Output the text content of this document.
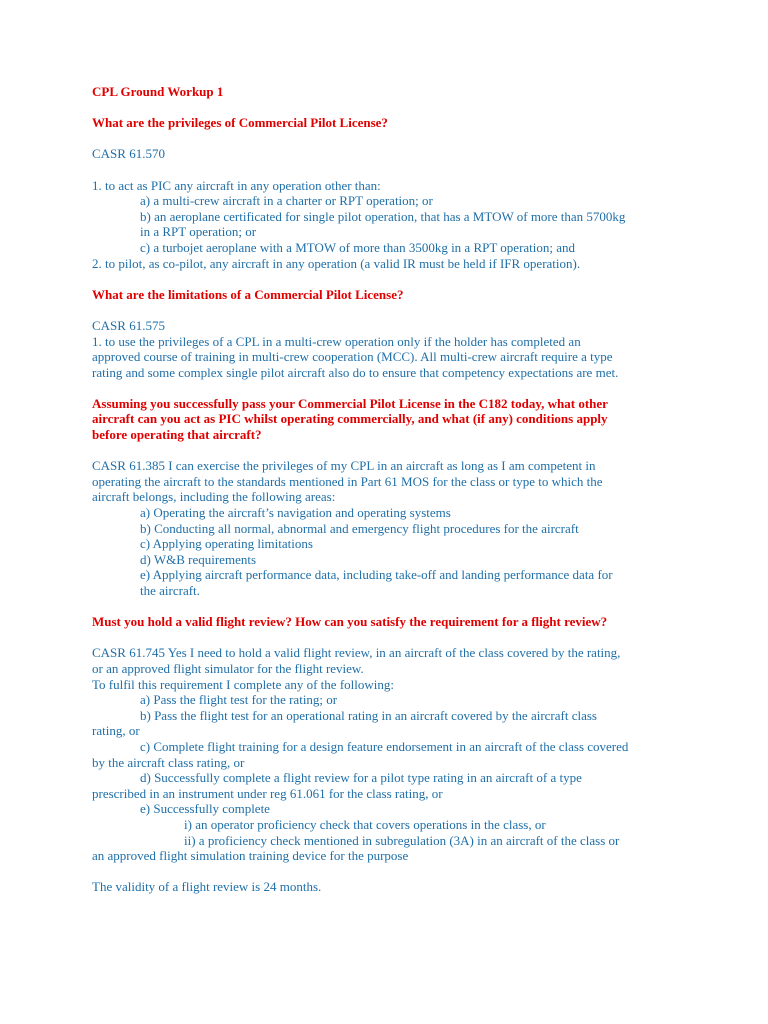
CPL Ground Workup 1
What are the privileges of Commercial Pilot License?
CASR 61.570
1. to act as PIC any aircraft in any operation other than:
a) a multi-crew aircraft in a charter or RPT operation; or
b) an aeroplane certificated for single pilot operation, that has a MTOW of more than 5700kg
in a RPT operation; or
c) a turbojet aeroplane with a MTOW of more than 3500kg in a RPT operation; and
2. to pilot, as co-pilot, any aircraft in any operation (a valid IR must be held if IFR operation).
What are the limitations of a Commercial Pilot License?
CASR 61.575
1. to use the privileges of a CPL in a multi-crew operation only if the holder has completed an
approved course of training in multi-crew cooperation (MCC). All multi-crew aircraft require a type
rating and some complex single pilot aircraft also do to ensure that competency expectations are met.
Assuming you successfully pass your Commercial Pilot License in the C182 today, what other
aircraft can you act as PIC whilst operating commercially, and what (if any) conditions apply
before operating that aircraft?
CASR 61.385 I can exercise the privileges of my CPL in an aircraft as long as I am competent in
operating the aircraft to the standards mentioned in Part 61 MOS for the class or type to which the
aircraft belongs, including the following areas:
a) Operating the aircraft’s navigation and operating systems
b) Conducting all normal, abnormal and emergency flight procedures for the aircraft
c) Applying operating limitations
d) W&B requirements
e) Applying aircraft performance data, including take-off and landing performance data for
the aircraft.
Must you hold a valid flight review? How can you satisfy the requirement for a flight review?
CASR 61.745 Yes I need to hold a valid flight review, in an aircraft of the class covered by the rating,
or an approved flight simulator for the flight review.
To fulfil this requirement I complete any of the following:
a) Pass the flight test for the rating; or
b) Pass the flight test for an operational rating in an aircraft covered by the aircraft class
rating, or
c) Complete flight training for a design feature endorsement in an aircraft of the class covered
by the aircraft class rating, or
d) Successfully complete a flight review for a pilot type rating in an aircraft of a type
prescribed in an instrument under reg 61.061 for the class rating, or
e) Successfully complete
i) an operator proficiency check that covers operations in the class, or
ii) a proficiency check mentioned in subregulation (3A) in an aircraft of the class or
an approved flight simulation training device for the purpose
The validity of a flight review is 24 months.
